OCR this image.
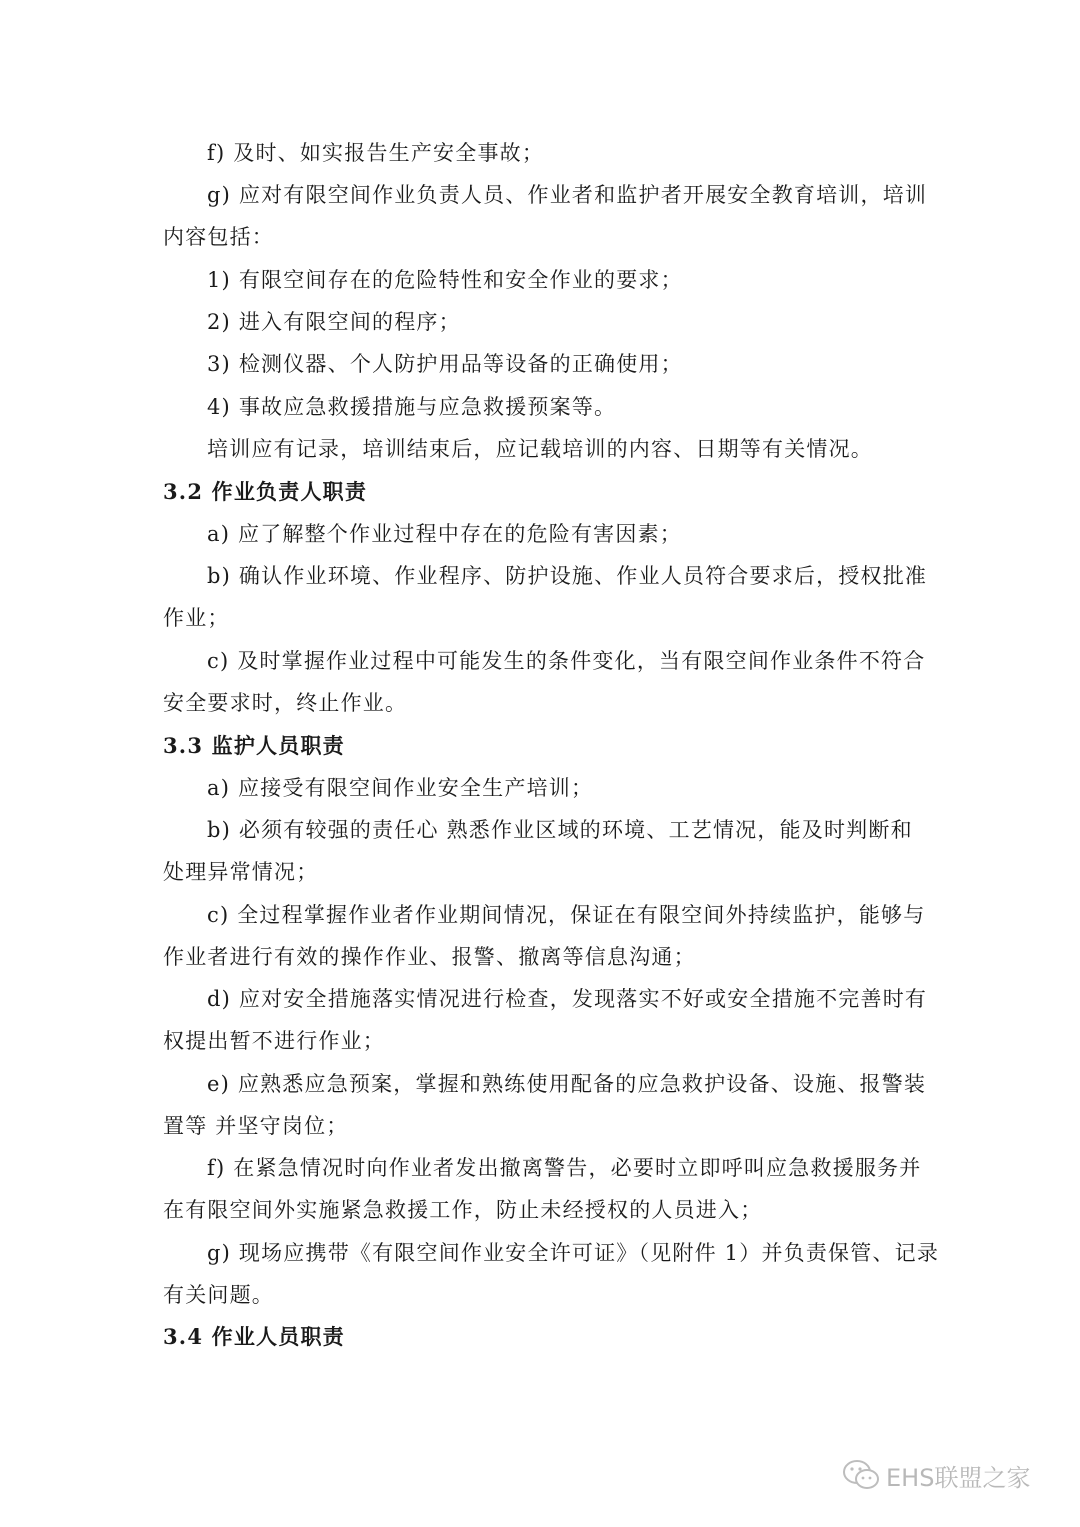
f) 及时、如实报告生产安全事故；
g) 应对有限空间作业负责人员、作业者和监护者开展安全教育培训，培训
内容包括：
1) 有限空间存在的危险特性和安全作业的要求；
2) 进入有限空间的程序；
3) 检测仪器、个人防护用品等设备的正确使用；
4) 事故应急救援措施与应急救援预案等。
培训应有记录，培训结束后，应记载培训的内容、日期等有关情况。
3.2 作业负责人职责
a) 应了解整个作业过程中存在的危险有害因素；
b) 确认作业环境、作业程序、防护设施、作业人员符合要求后，授权批准
作业；
c) 及时掌握作业过程中可能发生的条件变化，当有限空间作业条件不符合
安全要求时，终止作业。
3.3 监护人员职责
a) 应接受有限空间作业安全生产培训；
b) 必须有较强的责任心 熟悉作业区域的环境、工艺情况，能及时判断和
处理异常情况；
c) 全过程掌握作业者作业期间情况，保证在有限空间外持续监护，能够与
作业者进行有效的操作作业、报警、撤离等信息沟通；
d) 应对安全措施落实情况进行检查，发现落实不好或安全措施不完善时有
权提出暂不进行作业；
e) 应熟悉应急预案，掌握和熟练使用配备的应急救护设备、设施、报警装
置等 并坚守岗位；
f) 在紧急情况时向作业者发出撤离警告，必要时立即呼叫应急救援服务并
在有限空间外实施紧急救援工作，防止未经授权的人员进入；
g) 现场应携带《有限空间作业安全许可证》（见附件 1）并负责保管、记录
有关问题。
3.4 作业人员职责
EHS联盟之家
